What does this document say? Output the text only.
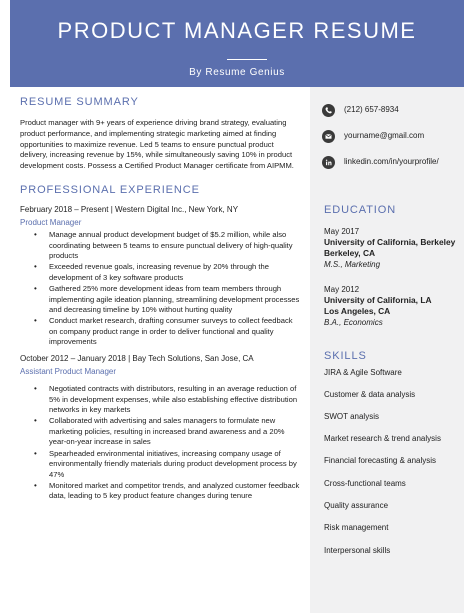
PRODUCT MANAGER RESUME
By Resume Genius
(212) 657-8934
yourname@gmail.com
linkedin.com/in/yourprofile/
EDUCATION
May 2017
University of California, Berkeley
Berkeley, CA
M.S., Marketing
May 2012
University of California, LA
Los Angeles, CA
B.A., Economics
SKILLS
JIRA & Agile Software
Customer & data analysis
SWOT analysis
Market research & trend analysis
Financial forecasting & analysis
Cross-functional teams
Quality assurance
Risk management
Interpersonal skills
RESUME SUMMARY
Product manager with 9+ years of experience driving brand strategy, evaluating product performance, and implementing strategic marketing aimed at finding opportunities to maximize revenue. Led 5 teams to ensure punctual product delivery, increasing revenue by 15%, while simultaneously saving 10% in product development costs. Possess a Certified Product Manager certificate from AIPMM.
PROFESSIONAL EXPERIENCE
February 2018 – Present | Western Digital Inc., New York, NY
Product Manager
• Manage annual product development budget of $5.2 million, while also coordinating between 5 teams to ensure punctual delivery of high-quality products
• Exceeded revenue goals, increasing revenue by 20% through the development of 3 key software products
• Gathered 25% more development ideas from team members through implementing agile ideation planning, streamlining development processes and decreasing timeline by 10% without hurting quality
• Conduct market research, drafting consumer surveys to collect feedback on company product range in order to deliver functional and quality improvements
October 2012 – January 2018 | Bay Tech Solutions, San Jose, CA
Assistant Product Manager
• Negotiated contracts with distributors, resulting in an average reduction of 5% in development expenses, while also establishing effective distribution networks in key markets
• Collaborated with advertising and sales managers to formulate new marketing policies, resulting in increased brand awareness and a 20% year-on-year increase in sales
• Spearheaded environmental initiatives, increasing company usage of environmentally friendly materials during product development process by 47%
• Monitored market and competitor trends, and analyzed customer feedback data, leading to 5 key product feature changes during tenure
